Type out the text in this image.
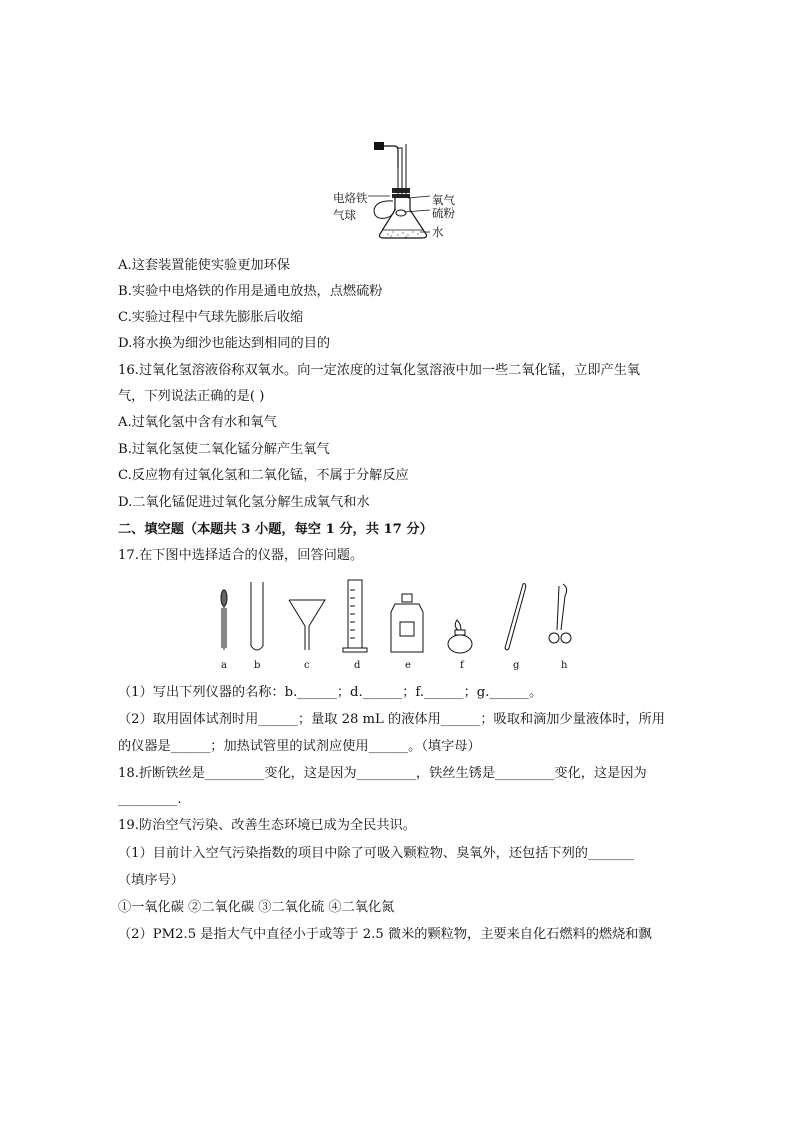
电烙铁
气球
氧气
硫粉
水
A.这套装置能使实验更加环保
B.实验中电烙铁的作用是通电放热，点燃硫粉
C.实验过程中气球先膨胀后收缩
D.将水换为细沙也能达到相同的目的
16.过氧化氢溶液俗称双氧水。向一定浓度的过氧化氢溶液中加一些二氧化锰，立即产生氧
气，下列说法正确的是( )
A.过氧化氢中含有水和氧气
B.过氧化氢使二氧化锰分解产生氧气
C.反应物有过氧化氢和二氧化锰，不属于分解反应
D.二氧化锰促进过氧化氢分解生成氧气和水
二、填空题（本题共 3 小题，每空 1 分，共 17 分）
17.在下图中选择适合的仪器，回答问题。
a	b	c	d	e	f	g	h
（1）写出下列仪器的名称：b.______；d.______；f.______；g.______。
（2）取用固体试剂时用______；量取 28 mL 的液体用______；吸取和滴加少量液体时，所用
的仪器是______；加热试管里的试剂应使用______。（填字母）
18.折断铁丝是_________变化，这是因为_________，铁丝生锈是_________变化，这是因为
_________.
19.防治空气污染、改善生态环境已成为全民共识。
（1）目前计入空气污染指数的项目中除了可吸入颗粒物、臭氧外，还包括下列的_______
（填序号）
①一氧化碳 ②二氧化碳 ③二氧化硫 ④二氧化氮
（2）PM2.5 是指大气中直径小于或等于 2.5 微米的颗粒物，主要来自化石燃料的燃烧和飘
